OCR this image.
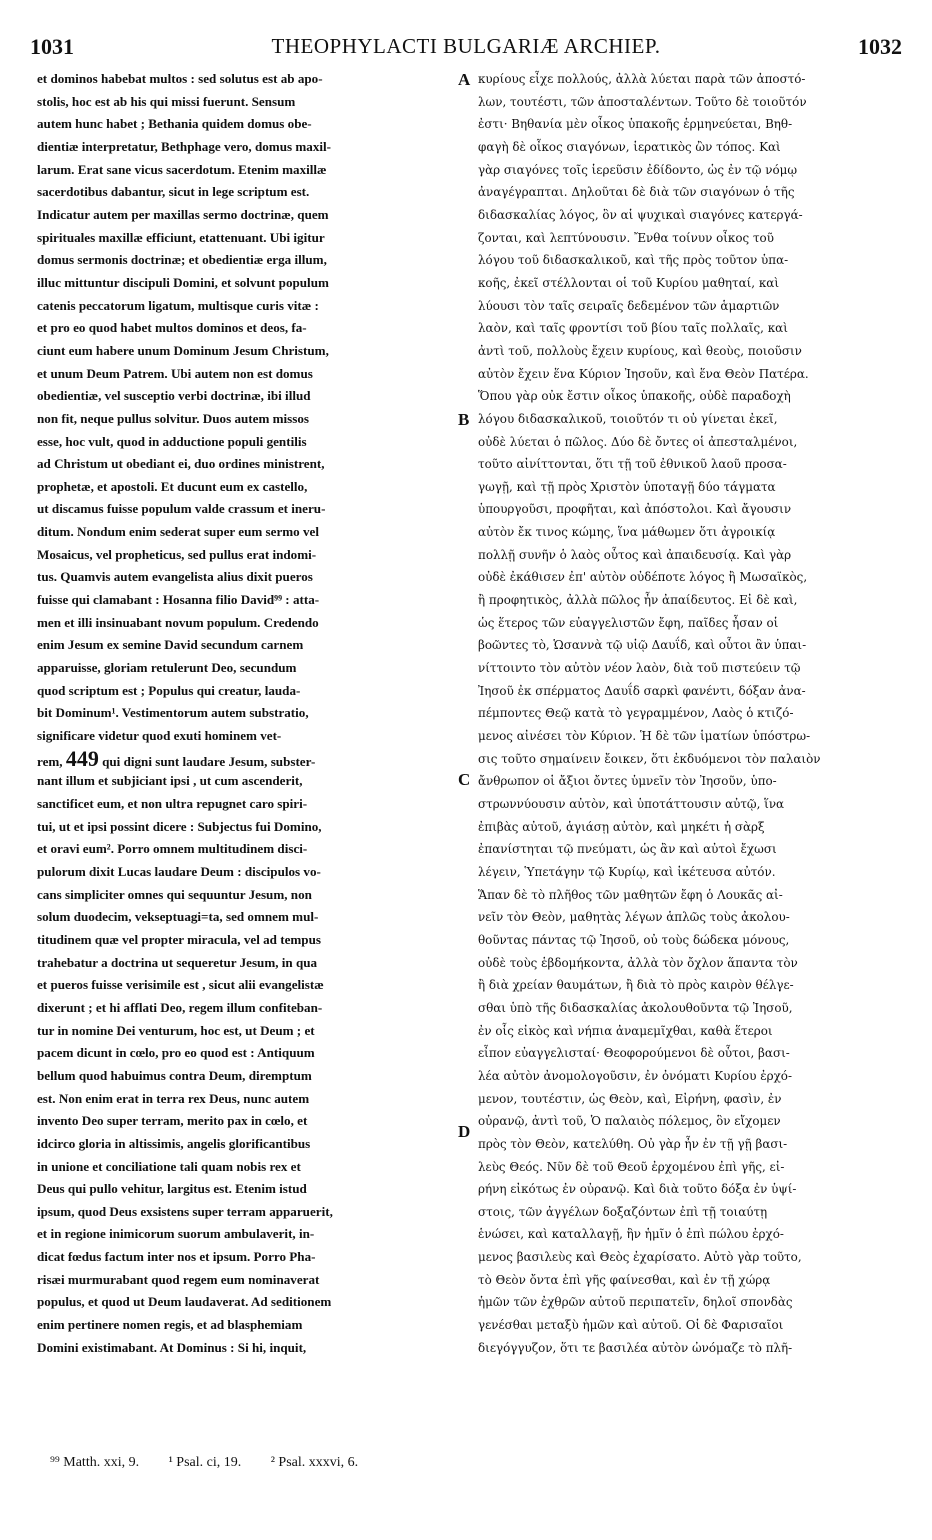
1031	THEOPHYLACTI BULGARIÆ ARCHIEP.	1032
et dominos habebat multos : sed solutus est ab apo-
stolis, hoc est ab his qui missi fuerunt. Sensum
autem hunc habet ; Bethania quidem domus obe-
dientiæ interpretatur, Bethphage vero, domus maxil-
larum. Erat sane vicus sacerdotum. Etenim maxillæ
sacerdotibus dabantur, sicut in lege scriptum est.
Indicatur autem per maxillas sermo doctrinæ, quem
spirituales maxillæ efficiunt, etattenuant. Ubi igitur
domus sermonis doctrinæ; et obedientiæ erga illum,
illuc mittuntur discipuli Domini, et solvunt populum
catenis peccatorum ligatum, multisque curis vitæ :
et pro eo quod habet multos dominos et deos, fa-
ciunt eum habere unum Dominum Jesum Christum,
et unum Deum Patrem. Ubi autem non est domus
obedientiæ, vel susceptio verbi doctrinæ, ibi illud
non fit, neque pullus solvitur. Duos autem missos
esse, hoc vult, quod in adductione populi gentilis
ad Christum ut obediant ei, duo ordines ministrent,
prophetæ, et apostoli. Et ducunt eum ex castello,
ut discamus fuisse populum valde crassum et ineru-
ditum. Nondum enim sederat super eum sermo vel
Mosaicus, vel propheticus, sed pullus erat indomi-
tus. Quamvis autem evangelista alius dixit pueros
fuisse qui clamabant : Hosanna filio David⁹⁹ : atta-
men et illi insinuabant novum populum. Credendo
enim Jesum ex semine David secundum carnem
apparuisse, gloriam retulerunt Deo, secundum
quod scriptum est ; Populus qui creatur, lauda-
bit Dominum¹. Vestimentorum autem substratio,
significare videtur quod exuti hominem vet-
rem, 449 qui digni sunt laudare Jesum, subster-
nant illum et subjiciant ipsi , ut cum ascenderit,
sanctificet eum, et non ultra repugnet caro spiri-
tui, ut et ipsi possint dicere : Subjectus fui Domino,
et oravi eum². Porro omnem multitudinem disci-
pulorum dixit Lucas laudare Deum : discipulos vo-
cans simpliciter omnes qui sequuntur Jesum, non
solum duodecim, vekseptuagi=ta, sed omnem mul-
titudinem quæ vel propter miracula, vel ad tempus
trahebatur a doctrina ut sequeretur Jesum, in qua
et pueros fuisse verisimile est , sicut alii evangelistæ
dixerunt ; et hi afflati Deo, regem illum confiteban-
tur in nomine Dei venturum, hoc est, ut Deum ; et
pacem dicunt in cœlo, pro eo quod est : Antiquum
bellum quod habuimus contra Deum, diremptum
est. Non enim erat in terra rex Deus, nunc autem
invento Deo super terram, merito pax in cœlo, et
idcirco gloria in altissimis, angelis glorificantibus
in unione et conciliatione tali quam nobis rex et
Deus qui pullo vehitur, largitus est. Etenim istud
ipsum, quod Deus exsistens super terram apparuerit,
et in regione inimicorum suorum ambulaverit, in-
dicat fœdus factum inter nos et ipsum. Porro Pha-
risæi murmurabant quod regem eum nominaverat
populus, et quod ut Deum laudaverat. Ad seditionem
enim pertinere nomen regis, et ad blasphemiam
Domini existimabant. At Dominus : Si hi, inquit,
κυρίους εἶχε πολλούς, ἀλλὰ λύεται παρὰ τῶν ἀποστό-
λων, τουτέστι, τῶν ἀποσταλέντων. Τοῦτο δὲ τοιοῦτόν
ἐστι· Βηθανία μὲν οἶκος ὑπακοῆς ἑρμηνεύεται, Βηθ-
φαγὴ δὲ οἶκος σιαγόνων, ἱερατικὸς ὢν τόπος. Καὶ
γὰρ σιαγόνες τοῖς ἱερεῦσιν ἐδίδοντο, ὡς ἐν τῷ νόμῳ
ἀναγέγραπται. Δηλοῦται δὲ διὰ τῶν σιαγόνων ὁ τῆς
διδασκαλίας λόγος, ὃν αἱ ψυχικαὶ σιαγόνες κατεργά-
ζονται, καὶ λεπτύνουσιν. Ἔνθα τοίνυν οἶκος τοῦ
λόγου τοῦ διδασκαλικοῦ, καὶ τῆς πρὸς τοῦτον ὑπα-
κοῆς, ἐκεῖ στέλλονται οἱ τοῦ Κυρίου μαθηταί, καὶ
λύουσι τὸν ταῖς σειραῖς δεδεμένον τῶν ἁμαρτιῶν
λαὸν, καὶ ταῖς φροντίσι τοῦ βίου ταῖς πολλαῖς, καὶ
ἀντὶ τοῦ, πολλοὺς ἔχειν κυρίους, καὶ θεοὺς, ποιοῦσιν
αὐτὸν ἔχειν ἕνα Κύριον Ἰησοῦν, καὶ ἕνα Θεὸν Πατέρα.
Ὅπου γὰρ οὐκ ἔστιν οἶκος ὑπακοῆς, οὐδὲ παραδοχὴ
λόγου διδασκαλικοῦ, τοιοῦτόν τι οὐ γίνεται ἐκεῖ,
οὐδὲ λύεται ὁ πῶλος. Δύο δὲ ὄντες οἱ ἀπεσταλμένοι,
τοῦτο αἰνίττονται, ὅτι τῇ τοῦ ἐθνικοῦ λαοῦ προσα-
γωγῇ, καὶ τῇ πρὸς Χριστὸν ὑποταγῇ δύο τάγματα
ὑπουργοῦσι, προφῆται, καὶ ἀπόστολοι. Καὶ ἄγουσιν
αὐτὸν ἔκ τινος κώμης, ἵνα μάθωμεν ὅτι ἀγροικίᾳ
πολλῇ συνῆν ὁ λαὸς οὗτος καὶ ἀπαιδευσίᾳ. Καὶ γὰρ
οὐδὲ ἐκάθισεν ἐπ' αὐτὸν οὐδέποτε λόγος ἢ Μωσαϊκὸς,
ἢ προφητικὸς, ἀλλὰ πῶλος ἦν ἀπαίδευτος. Εἰ δὲ καὶ,
ὡς ἕτερος τῶν εὐαγγελιστῶν ἔφη, παῖδες ἦσαν οἱ
βοῶντες τὸ, Ὡσαννὰ τῷ υἱῷ Δαυΐδ, καὶ οὗτοι ἂν ὑπαι-
νίττοιντο τὸν αὐτὸν νέον λαὸν, διὰ τοῦ πιστεύειν τῷ
Ἰησοῦ ἐκ σπέρματος Δαυΐδ σαρκὶ φανέντι, δόξαν ἀνα-
πέμποντες Θεῷ κατὰ τὸ γεγραμμένον, Λαὸς ὁ κτιζό-
μενος αἰνέσει τὸν Κύριον. Ἡ δὲ τῶν ἱματίων ὑπόστρω-
σις τοῦτο σημαίνειν ἔοικεν, ὅτι ἐκδυόμενοι τὸν παλαιὸν
ἄνθρωπον οἱ ἄξιοι ὄντες ὑμνεῖν τὸν Ἰησοῦν, ὑπο-
στρωννύουσιν αὐτὸν, καὶ ὑποτάττουσιν αὐτῷ, ἵνα
ἐπιβὰς αὐτοῦ, ἁγιάσῃ αὐτὸν, καὶ μηκέτι ἡ σὰρξ
ἐπανίστηται τῷ πνεύματι, ὡς ἂν καὶ αὐτοὶ ἔχωσι
λέγειν, Ὑπετάγην τῷ Κυρίῳ, καὶ ἱκέτευσα αὐτόν.
Ἅπαν δὲ τὸ πλῆθος τῶν μαθητῶν ἔφη ὁ Λουκᾶς αἰ-
νεῖν τὸν Θεὸν, μαθητὰς λέγων ἁπλῶς τοὺς ἀκολου-
θοῦντας πάντας τῷ Ἰησοῦ, οὐ τοὺς δώδεκα μόνους,
οὐδὲ τοὺς ἑβδομήκοντα, ἀλλὰ τὸν ὄχλον ἅπαντα τὸν
ἢ διὰ χρείαν θαυμάτων, ἢ διὰ τὸ πρὸς καιρὸν θέλγε-
σθαι ὑπὸ τῆς διδασκαλίας ἀκολουθοῦντα τῷ Ἰησοῦ,
ἐν οἷς εἰκὸς καὶ νήπια ἀναμεμῖχθαι, καθὰ ἕτεροι
εἶπον εὐαγγελισταί· Θεοφορούμενοι δὲ οὗτοι, βασι-
λέα αὐτὸν ἀνομολογοῦσιν, ἐν ὀνόματι Κυρίου ἐρχό-
μενον, τουτέστιν, ὡς Θεὸν, καὶ, Εἰρήνη, φασὶν, ἐν
οὐρανῷ, ἀντὶ τοῦ, Ὁ παλαιὸς πόλεμος, ὃν εἴχομεν
πρὸς τὸν Θεὸν, κατελύθη. Οὐ γὰρ ἦν ἐν τῇ γῇ βασι-
λεὺς Θεός. Νῦν δὲ τοῦ Θεοῦ ἐρχομένου ἐπὶ γῆς, εἰ-
ρήνη εἰκότως ἐν οὐρανῷ. Καὶ διὰ τοῦτο δόξα ἐν ὑψί-
στοις, τῶν ἀγγέλων δοξαζόντων ἐπὶ τῇ τοιαύτῃ
ἑνώσει, καὶ καταλλαγῇ, ἣν ἡμῖν ὁ ἐπὶ πώλου ἐρχό-
μενος βασιλεὺς καὶ Θεὸς ἐχαρίσατο. Αὐτὸ γὰρ τοῦτο,
τὸ Θεὸν ὄντα ἐπὶ γῆς φαίνεσθαι, καὶ ἐν τῇ χώρᾳ
ἡμῶν τῶν ἐχθρῶν αὐτοῦ περιπατεῖν, δηλοῖ σπονδὰς
γενέσθαι μεταξὺ ἡμῶν καὶ αὐτοῦ. Οἱ δὲ Φαρισαῖοι
διεγόγγυζον, ὅτι τε βασιλέα αὐτὸν ὠνόμαζε τὸ πλῆ-
A
B
C
D
⁹⁹ Matth. xxi, 9. ¹ Psal. ci, 19. ² Psal. xxxvi, 6.
